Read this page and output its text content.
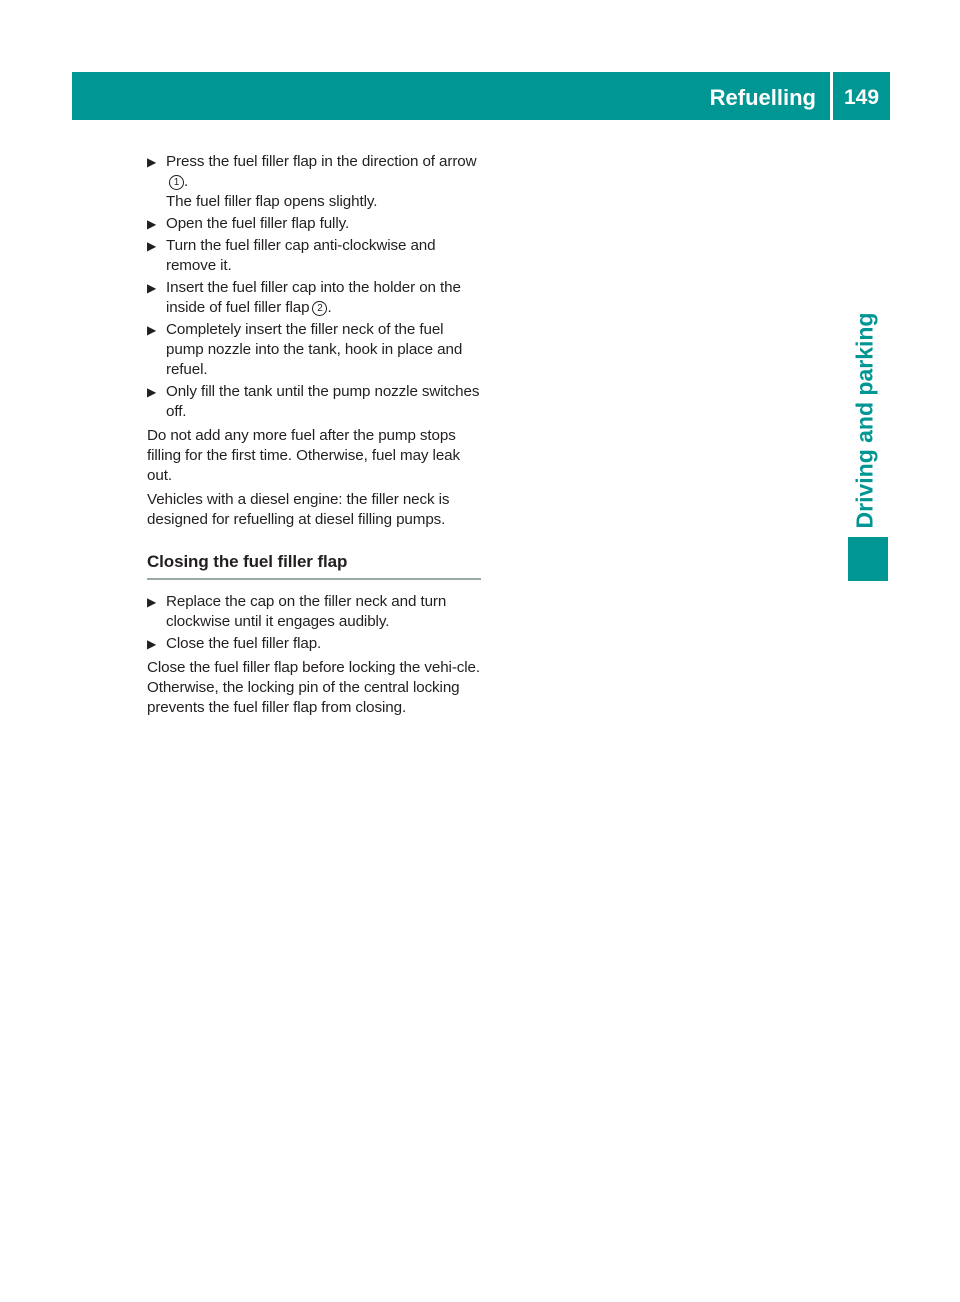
Refuelling	149
Driving and parking
▶ Press the fuel filler flap in the direction of arrow1 .
The fuel filler flap opens slightly.
▶ Open the fuel filler flap fully.
▶ Turn the fuel filler cap anti-clockwise and remove it.
▶ Insert the fuel filler cap into the holder on the inside of fuel filler flap 2 .
▶ Completely insert the filler neck of the fuel pump nozzle into the tank, hook in place and refuel.
▶ Only fill the tank until the pump nozzle switches off.
Do not add any more fuel after the pump stops filling for the first time. Otherwise, fuel may leak out.
Vehicles with a diesel engine: the filler neck is designed for refuelling at diesel filling pumps.
Closing the fuel filler flap
▶ Replace the cap on the filler neck and turn clockwise until it engages audibly.
▶ Close the fuel filler flap.
Close the fuel filler flap before locking the vehi-cle. Otherwise, the locking pin of the central locking prevents the fuel filler flap from closing.
